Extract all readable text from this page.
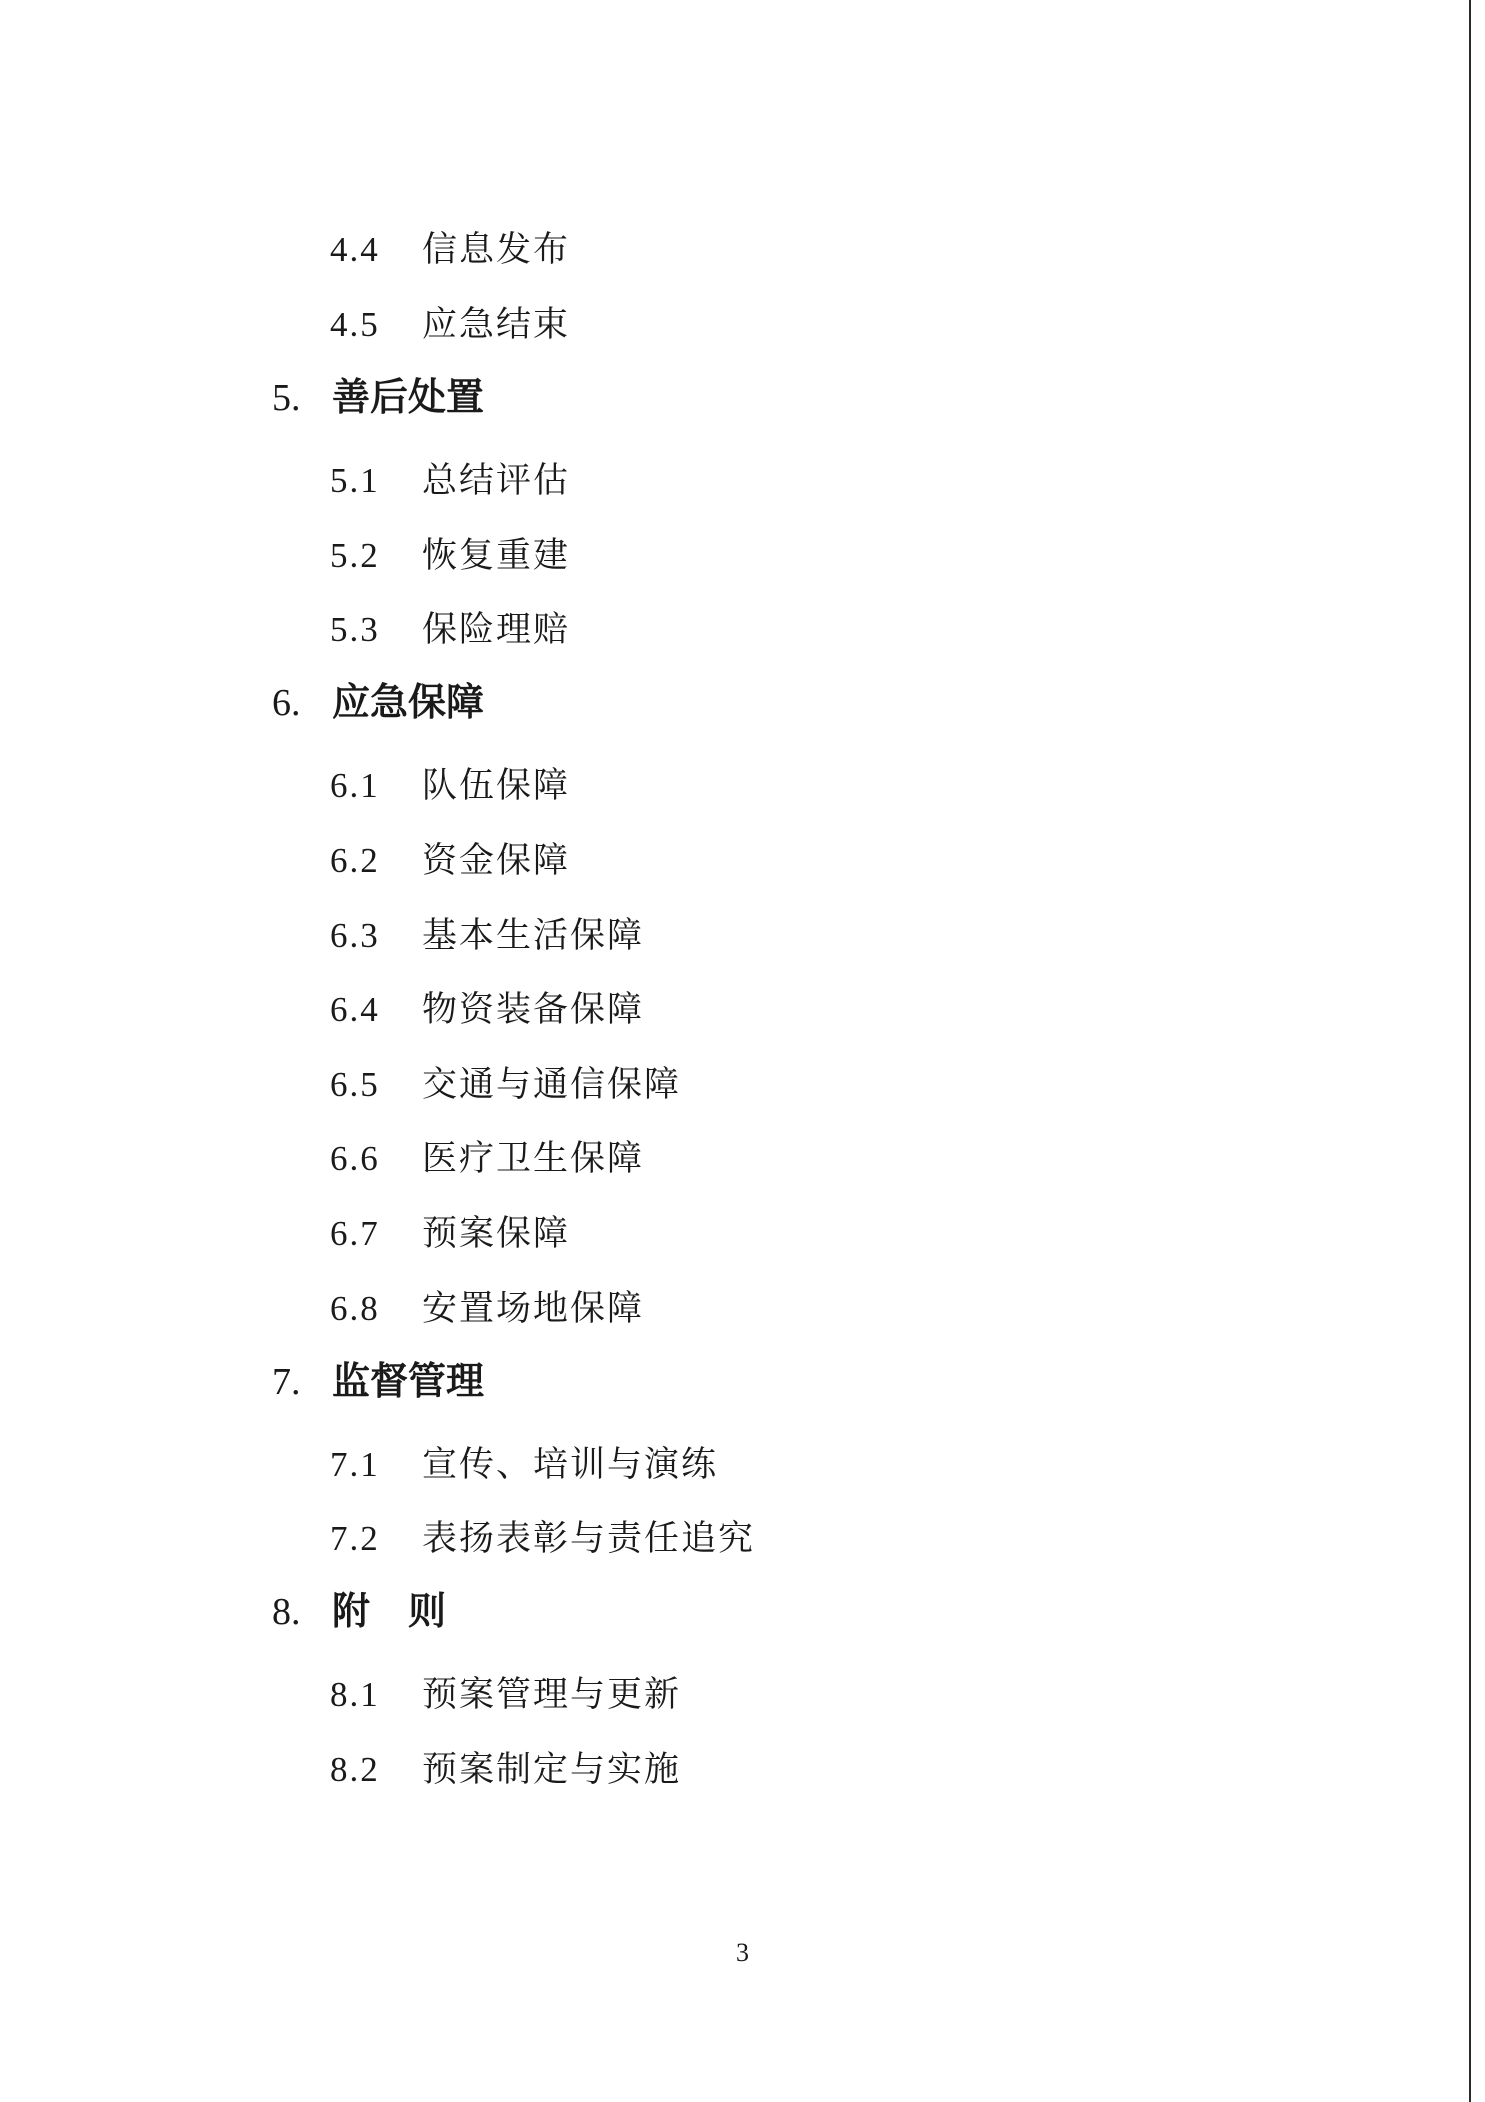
4.4 信息发布
4.5 应急结束
5. 善后处置
5.1 总结评估
5.2 恢复重建
5.3 保险理赔
6. 应急保障
6.1 队伍保障
6.2 资金保障
6.3 基本生活保障
6.4 物资装备保障
6.5 交通与通信保障
6.6 医疗卫生保障
6.7 预案保障
6.8 安置场地保障
7. 监督管理
7.1 宣传、培训与演练
7.2 表扬表彰与责任追究
8. 附　则
8.1 预案管理与更新
8.2 预案制定与实施
3
